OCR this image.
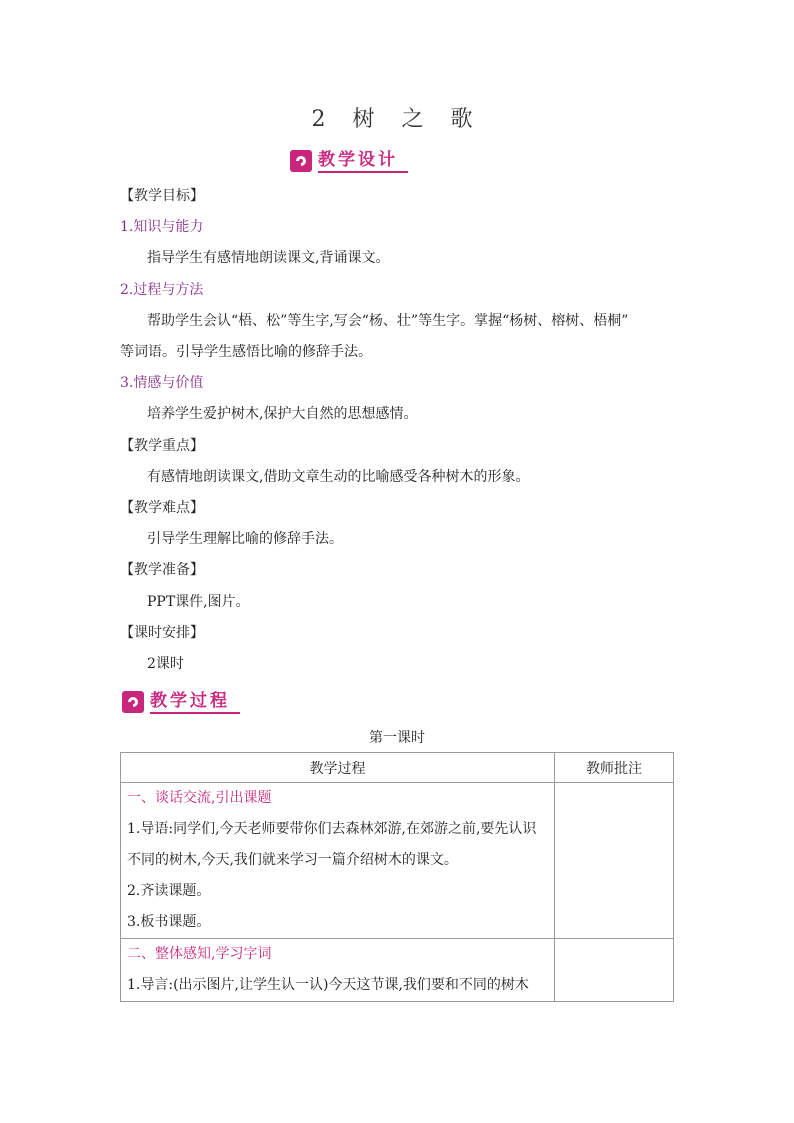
2 树 之 歌
教学设计
【教学目标】
1.知识与能力
指导学生有感情地朗读课文,背诵课文。
2.过程与方法
帮助学生会认“梧、松”等生字,写会“杨、壮”等生字。掌握“杨树、榕树、梧桐”
等词语。引导学生感悟比喻的修辞手法。
3.情感与价值
培养学生爱护树木,保护大自然的思想感情。
【教学重点】
有感情地朗读课文,借助文章生动的比喻感受各种树木的形象。
【教学难点】
引导学生理解比喻的修辞手法。
【教学准备】
PPT课件,图片。
【课时安排】
2课时
教学过程
第一课时
教学过程	教师批注

一、谈话交流,引出课题
1.导语:同学们,今天老师要带你们去森林郊游,在郊游之前,要先认识
不同的树木,今天,我们就来学习一篇介绍树木的课文。
2.齐读课题。
3.板书课题。	

二、整体感知,学习字词
1.导言:(出示图片,让学生认一认)今天这节课,我们要和不同的树木	
